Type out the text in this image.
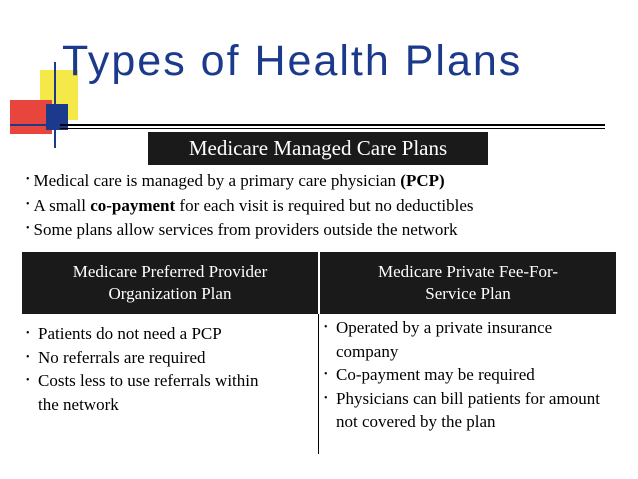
Types of Health Plans
Medicare Managed Care Plans
• Medical care is managed by a primary care physician (PCP)
• A small co-payment for each visit is required but no deductibles
• Some plans allow services from providers outside the network
Medicare Preferred Provider
Organization Plan
Medicare Private Fee-For-
Service Plan
• Patients do not need a PCP
• No referrals are required
• Costs less to use referrals within the network
• Operated by a private insurance company
• Co-payment may be required
• Physicians can bill patients for amount not covered by the plan
